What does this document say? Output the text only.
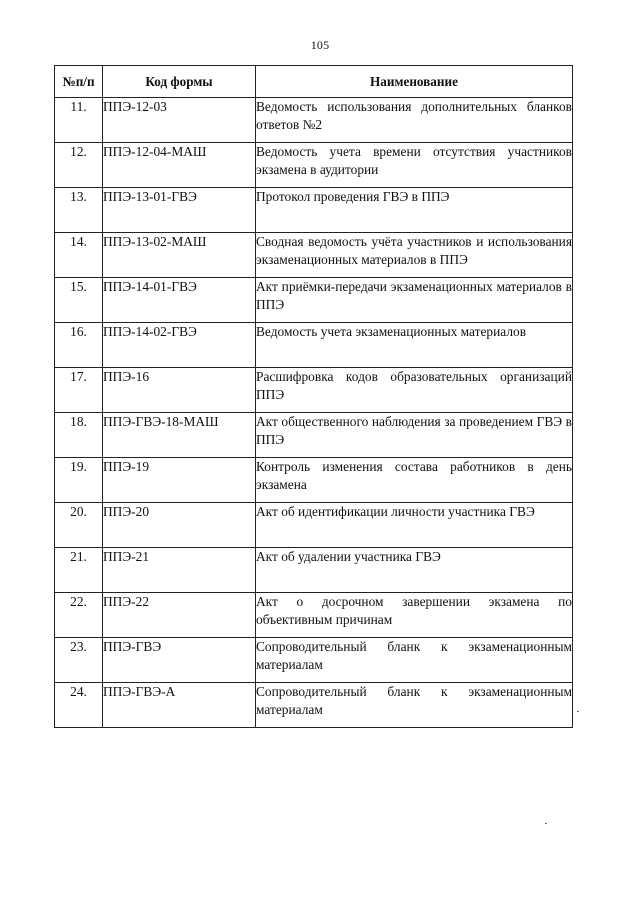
105
№п/п	Код формы	Наименование
11.	ППЭ-12-03	Ведомость использования дополнительных бланков ответов №2
12.	ППЭ-12-04-МАШ	Ведомость учета времени отсутствия участников экзамена в аудитории
13.	ППЭ-13-01-ГВЭ	Протокол проведения ГВЭ в ППЭ
14.	ППЭ-13-02-МАШ	Сводная ведомость учёта участников и использования экзаменационных материалов в ППЭ
15.	ППЭ-14-01-ГВЭ	Акт приёмки-передачи экзаменационных материалов в ППЭ
16.	ППЭ-14-02-ГВЭ	Ведомость учета экзаменационных материалов
17.	ППЭ-16	Расшифровка кодов образовательных организаций ППЭ
18.	ППЭ-ГВЭ-18-МАШ	Акт общественного наблюдения за проведением ГВЭ в ППЭ
19.	ППЭ-19	Контроль изменения состава работников в день экзамена
20.	ППЭ-20	Акт об идентификации личности участника ГВЭ
21.	ППЭ-21	Акт об удалении участника ГВЭ
22.	ППЭ-22	Акт о досрочном завершении экзамена по объективным причинам
23.	ППЭ-ГВЭ	Сопроводительный бланк к экзаменационным материалам
24.	ППЭ-ГВЭ-А	Сопроводительный бланк к экзаменационным материалам
